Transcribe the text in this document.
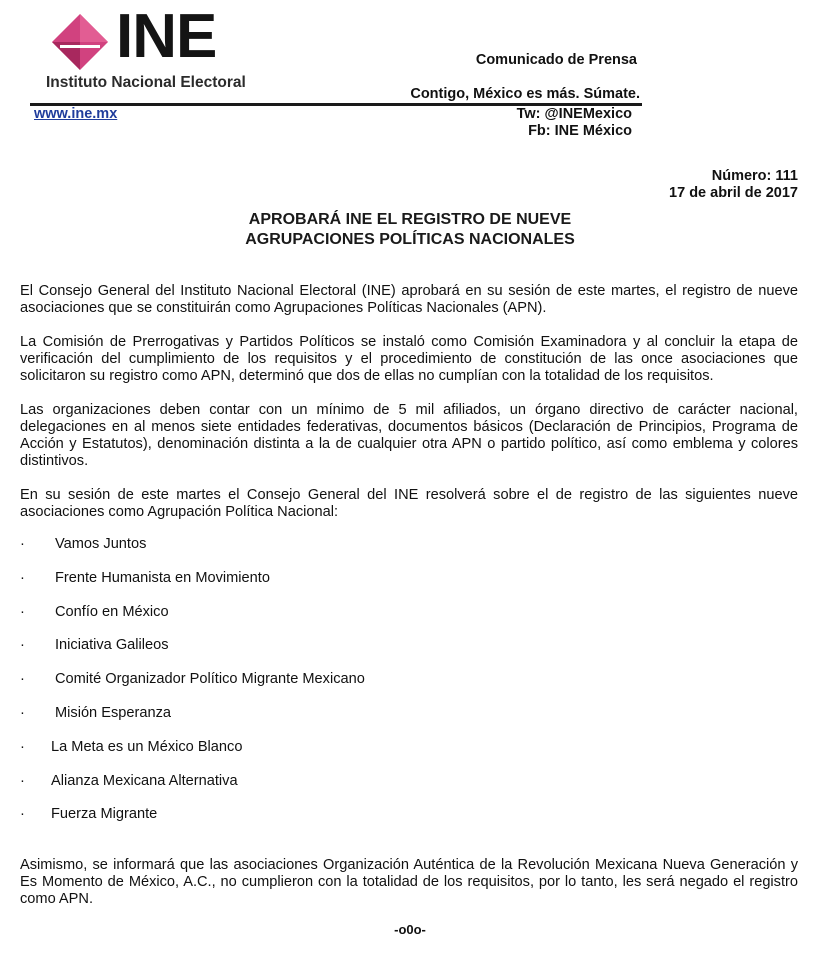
INE
Instituto Nacional Electoral
Comunicado de Prensa
Contigo, México es más. Súmate.
www.ine.mx	Tw: @INEMexico
Fb: INE México
Número: 111
17 de abril de 2017
APROBARÁ INE EL REGISTRO DE NUEVE
AGRUPACIONES POLÍTICAS NACIONALES
El Consejo General del Instituto Nacional Electoral (INE) aprobará en su sesión de este martes, el registro de nueve asociaciones que se constituirán como Agrupaciones Políticas Nacionales (APN).
La Comisión de Prerrogativas y Partidos Políticos se instaló como Comisión Examinadora y al concluir la etapa de verificación del cumplimiento de los requisitos y el procedimiento de constitución de las once asociaciones que solicitaron su registro como APN, determinó que dos de ellas no cumplían con la totalidad de los requisitos.
Las organizaciones deben contar con un mínimo de 5 mil afiliados, un órgano directivo de carácter nacional, delegaciones en al menos siete entidades federativas, documentos básicos (Declaración de Principios, Programa de Acción y Estatutos), denominación distinta a la de cualquier otra APN o partido político, así como emblema y colores distintivos.
En su sesión de este martes el Consejo General del INE resolverá sobre el de registro de las siguientes nueve asociaciones como Agrupación Política Nacional:
· Vamos Juntos
· Frente Humanista en Movimiento
· Confío en México
· Iniciativa Galileos
· Comité Organizador Político Migrante Mexicano
· Misión Esperanza
· La Meta es un México Blanco
· Alianza Mexicana Alternativa
· Fuerza Migrante
Asimismo, se informará que las asociaciones Organización Auténtica de la Revolución Mexicana Nueva Generación y Es Momento de México, A.C., no cumplieron con la totalidad de los requisitos, por lo tanto, les será negado el registro como APN.
-o0o-
